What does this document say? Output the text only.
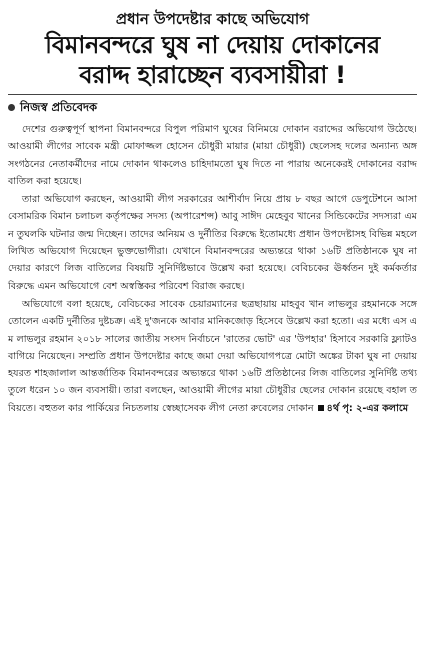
প্রধান উপদেষ্টার কাছে অভিযোগ
বিমানবন্দরে ঘুষ না দেয়ায় দোকানের
বরাদ্দ হারাচ্ছেন ব্যবসায়ীরা !
নিজস্ব প্রতিবেদক

দেশের গুরুত্বপূর্ণ স্থাপনা বিমানবন্দরে বিপুল পরিমাণ ঘুষের বিনিময়ে দোকান বরাদ্দের অভিযোগ উঠেছে। আওয়ামী লীগের সাবেক মন্ত্রী মোফাজ্জল হোসেন চৌধুরী মায়ার (মায়া চৌধুরী) ছেলেসহ দলের অন্যান্য অঙ্গ সংগঠনের নেতাকর্মীদের নামে দোকান থাকলেও চাহিদামতো ঘুষ দিতে না পারায় অনেকেরই দোকানের বরাদ্দ বাতিল করা হয়েছে।

তারা অভিযোগ করছেন, আওয়ামী লীগ সরকারের আশীর্বাদ নিয়ে প্রায় ৮ বছর আগে ডেপুটেশনে আসা বেসামরিক বিমান চলাচল কর্তৃপক্ষের সদস্য (অপারেশন্স) আবু সাঈদ মেহেবুব খানের সিন্ডিকেটের সদস্যরা এমন তুঘলকি ঘটনার জন্ম দিচ্ছেন। তাদের অনিয়ম ও দুর্নীতির বিরুদ্ধে ইতোমধ্যে প্রধান উপদেষ্টাসহ বিভিন্ন মহলে লিখিত অভিযোগ দিয়েছেন ভুক্তভোগীরা। যেখানে বিমানবন্দরের অভ্যন্তরে থাকা ১৬টি প্রতিষ্ঠানকে ঘুষ না দেয়ার কারণে লিজ বাতিলের বিষয়টি সুনির্দিষ্টভাবে উল্লেখ করা হয়েছে। বেবিচকের ঊর্ধ্বতন দুই কর্মকর্তার বিরুদ্ধে এমন অভিযোগে বেশ অস্বস্তিকর পরিবেশ বিরাজ করছে।

অভিযোগে বলা হয়েছে, বেবিচকের সাবেক চেয়ারম্যানের ছত্রছায়ায় মাহবুব খান লাভলুর রহমানকে সঙ্গে তোলেন একটি দুর্নীতির দুষ্টচক্র। এই দু'জনকে আবার মানিকজোড় হিসেবে উল্লেখ করা হতো। এর মধ্যে এস এম লাভলুর রহমান ২০১৮ সালের জাতীয় সংসদ নির্বাচনে 'রাতের ভোট' এর 'উপহার' হিসাবে সরকারি ফ্ল্যাটও বাগিয়ে নিয়েছেন। সম্প্রতি প্রধান উপদেষ্টার কাছে জমা দেয়া অভিযোগপত্রে মোটা অঙ্কের টাকা ঘুষ না দেয়ায় হযরত শাহজালাল আন্তর্জাতিক বিমানবন্দরের অভ্যন্তরে থাকা ১৬টি প্রতিষ্ঠানের লিজ বাতিলের সুনির্দিষ্ট তথ্য তুলে ধরেন ১০ জন ব্যবসায়ী। তারা বলছেন, আওয়ামী লীগের মায়া চৌধুরীর ছেলের দোকান রয়েছে বহাল তবিয়তে। বহুতল কার পার্কিয়ের নিচতলায় স্বেচ্ছাসেবক লীগ নেতা রুবেলের দোকান ৪র্থ পৃ: ২-এর কলামে
